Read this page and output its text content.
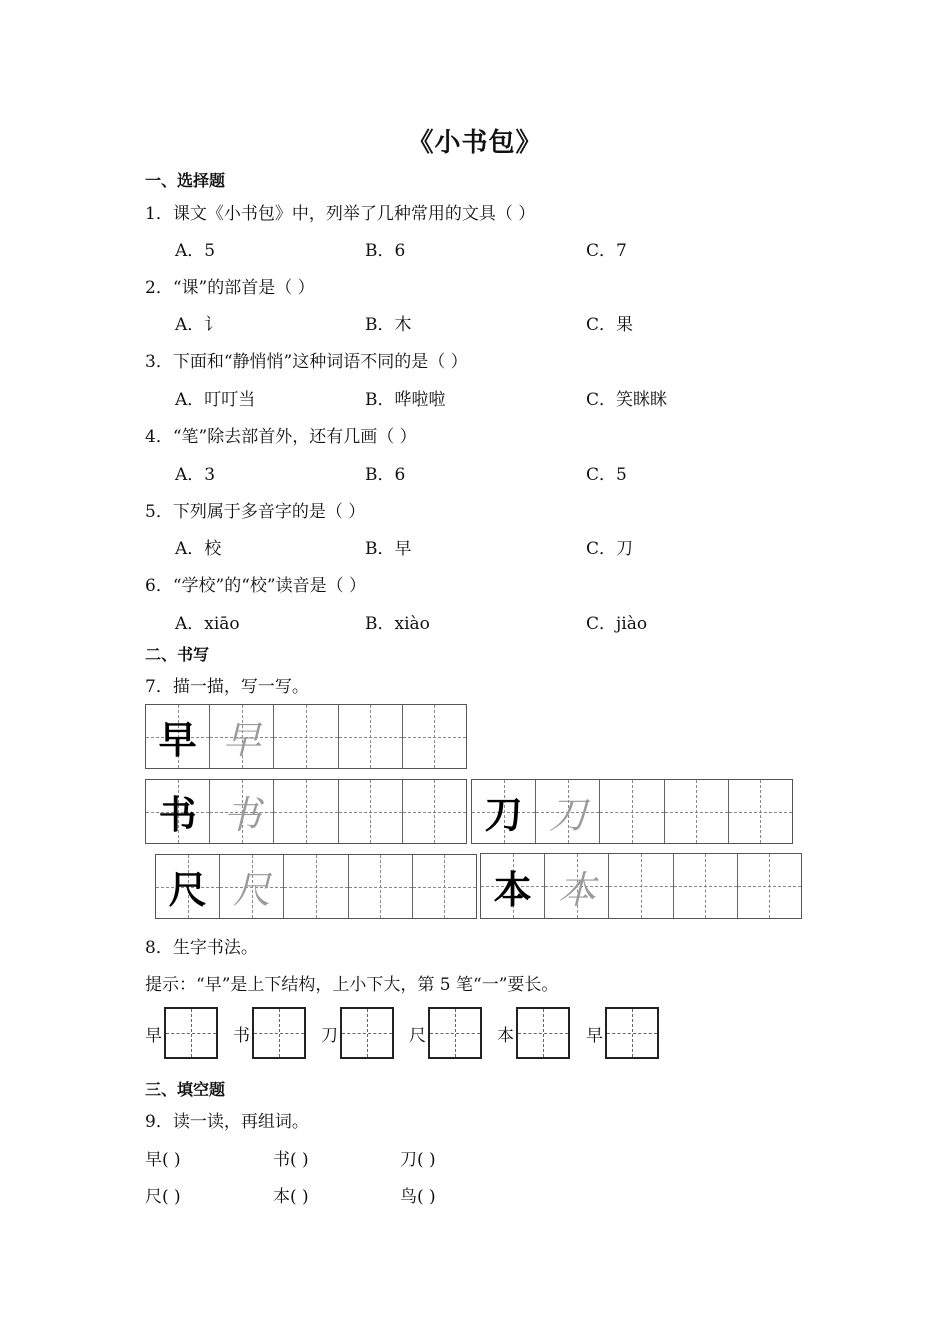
《小书包》
一、选择题
1．课文《小书包》中，列举了几种常用的文具（ ）
A．5	B．6	C．7
2．“课”的部首是（ ）
A．讠	B．木	C．果
3．下面和“静悄悄”这种词语不同的是（ ）
A．叮叮当	B．哗啦啦	C．笑眯眯
4．“笔”除去部首外，还有几画（ ）
A．3	B．6	C．5
5．下列属于多音字的是（ ）
A．校	B．早	C．刀
6．“学校”的“校”读音是（ ）
A．xiāo	B．xiào	C．jiào
二、书写
7．描一描，写一写。
早 早
书 书	刀 刀
尺 尺	本 本
8．生字书法。
提示：“早”是上下结构，上小下大，第 5 笔“一”要长。
早	书	刀	尺	本	早
三、填空题
9．读一读，再组词。
早( )	书( )	刀( )
尺( )	本( )	鸟( )
